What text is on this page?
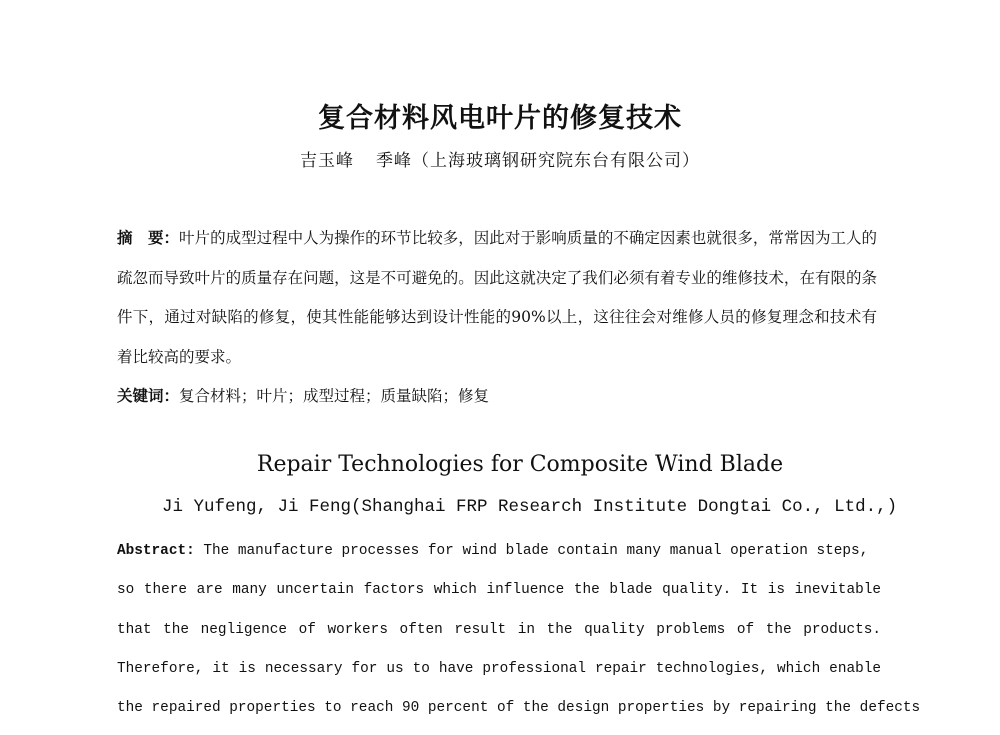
复合材料风电叶片的修复技术
吉玉峰 季峰（上海玻璃钢研究院东台有限公司）
摘　要：叶片的成型过程中人为操作的环节比较多，因此对于影响质量的不确定因素也就很多，常常因为工人的疏忽而导致叶片的质量存在问题，这是不可避免的。因此这就决定了我们必须有着专业的维修技术，在有限的条件下，通过对缺陷的修复，使其性能能够达到设计性能的90%以上，这往往会对维修人员的修复理念和技术有着比较高的要求。
关键词：复合材料；叶片；成型过程；质量缺陷；修复
Repair Technologies for Composite Wind Blade
Ji Yufeng, Ji Feng(Shanghai FRP Research Institute Dongtai Co., Ltd.,)
Abstract: The manufacture processes for wind blade contain many manual operation steps,
so there are many uncertain factors which influence the blade quality. It is inevitable
that the negligence of workers often result in the quality problems of the products.
Therefore, it is necessary for us to have professional repair technologies, which enable
the repaired properties to reach 90 percent of the design properties by repairing the defects
